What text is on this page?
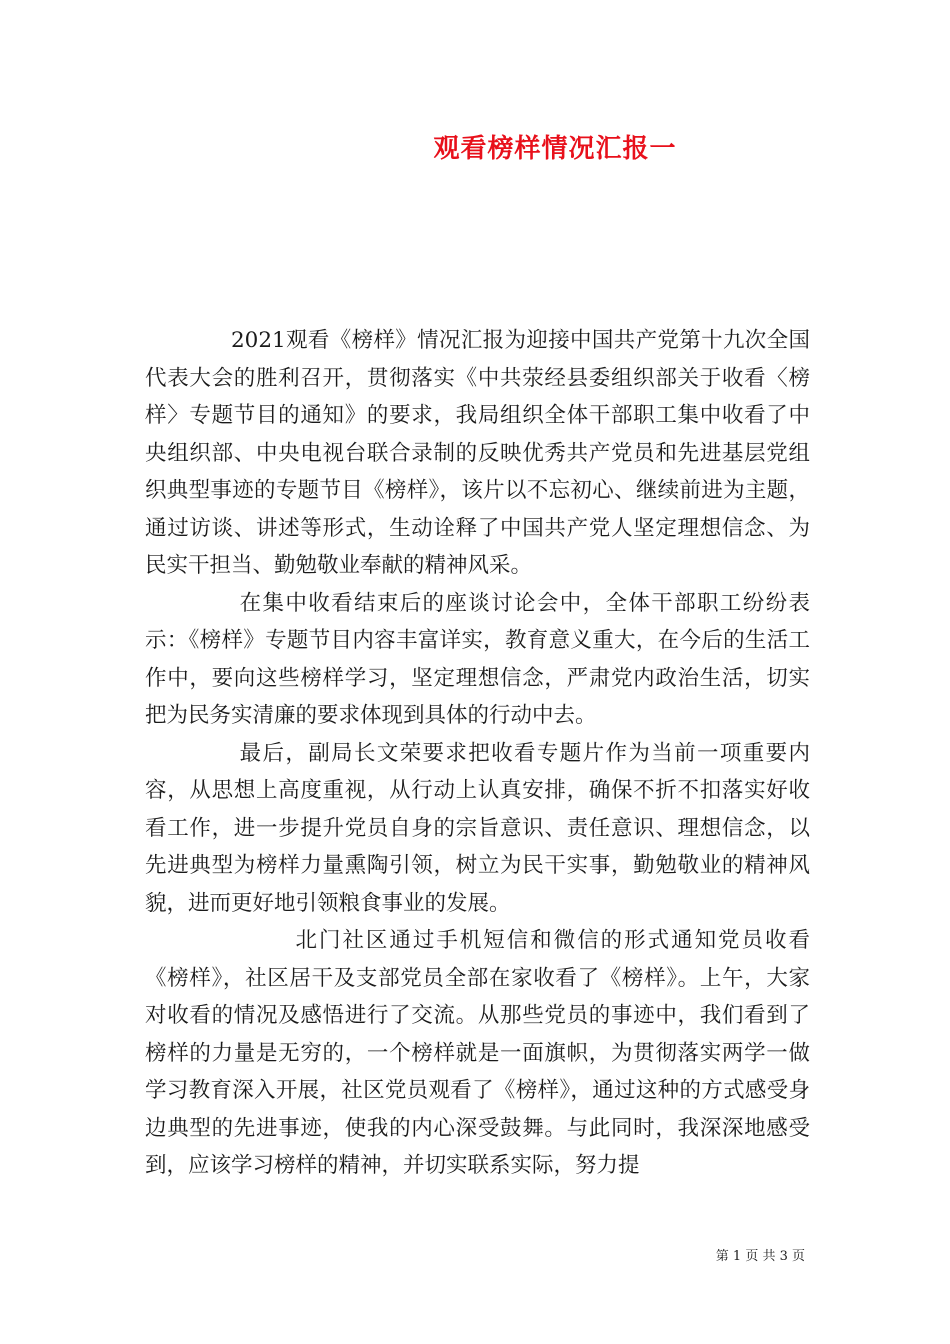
观看榜样情况汇报一

2021观看《榜样》情况汇报为迎接中国共产党第十九次全国代表大会的胜利召开，贯彻落实《中共荥经县委组织部关于收看〈榜样〉专题节目的通知》的要求，我局组织全体干部职工集中收看了中央组织部、中央电视台联合录制的反映优秀共产党员和先进基层党组织典型事迹的专题节目《榜样》，该片以不忘初心、继续前进为主题，通过访谈、讲述等形式，生动诠释了中国共产党人坚定理想信念、为民实干担当、勤勉敬业奉献的精神风采。

在集中收看结束后的座谈讨论会中，全体干部职工纷纷表示：《榜样》专题节目内容丰富详实，教育意义重大，在今后的生活工作中，要向这些榜样学习，坚定理想信念，严肃党内政治生活，切实把为民务实清廉的要求体现到具体的行动中去。

最后，副局长文荣要求把收看专题片作为当前一项重要内容，从思想上高度重视，从行动上认真安排，确保不折不扣落实好收看工作，进一步提升党员自身的宗旨意识、责任意识、理想信念，以先进典型为榜样力量熏陶引领，树立为民干实事，勤勉敬业的精神风貌，进而更好地引领粮食事业的发展。

北门社区通过手机短信和微信的形式通知党员收看《榜样》，社区居干及支部党员全部在家收看了《榜样》。上午，大家对收看的情况及感悟进行了交流。从那些党员的事迹中，我们看到了榜样的力量是无穷的，一个榜样就是一面旗帜，为贯彻落实两学一做学习教育深入开展，社区党员观看了《榜样》，通过这种的方式感受身边典型的先进事迹，使我的内心深受鼓舞。与此同时，我深深地感受到，应该学习榜样的精神，并切实联系实际，努力提

第 1 页 共 3 页
